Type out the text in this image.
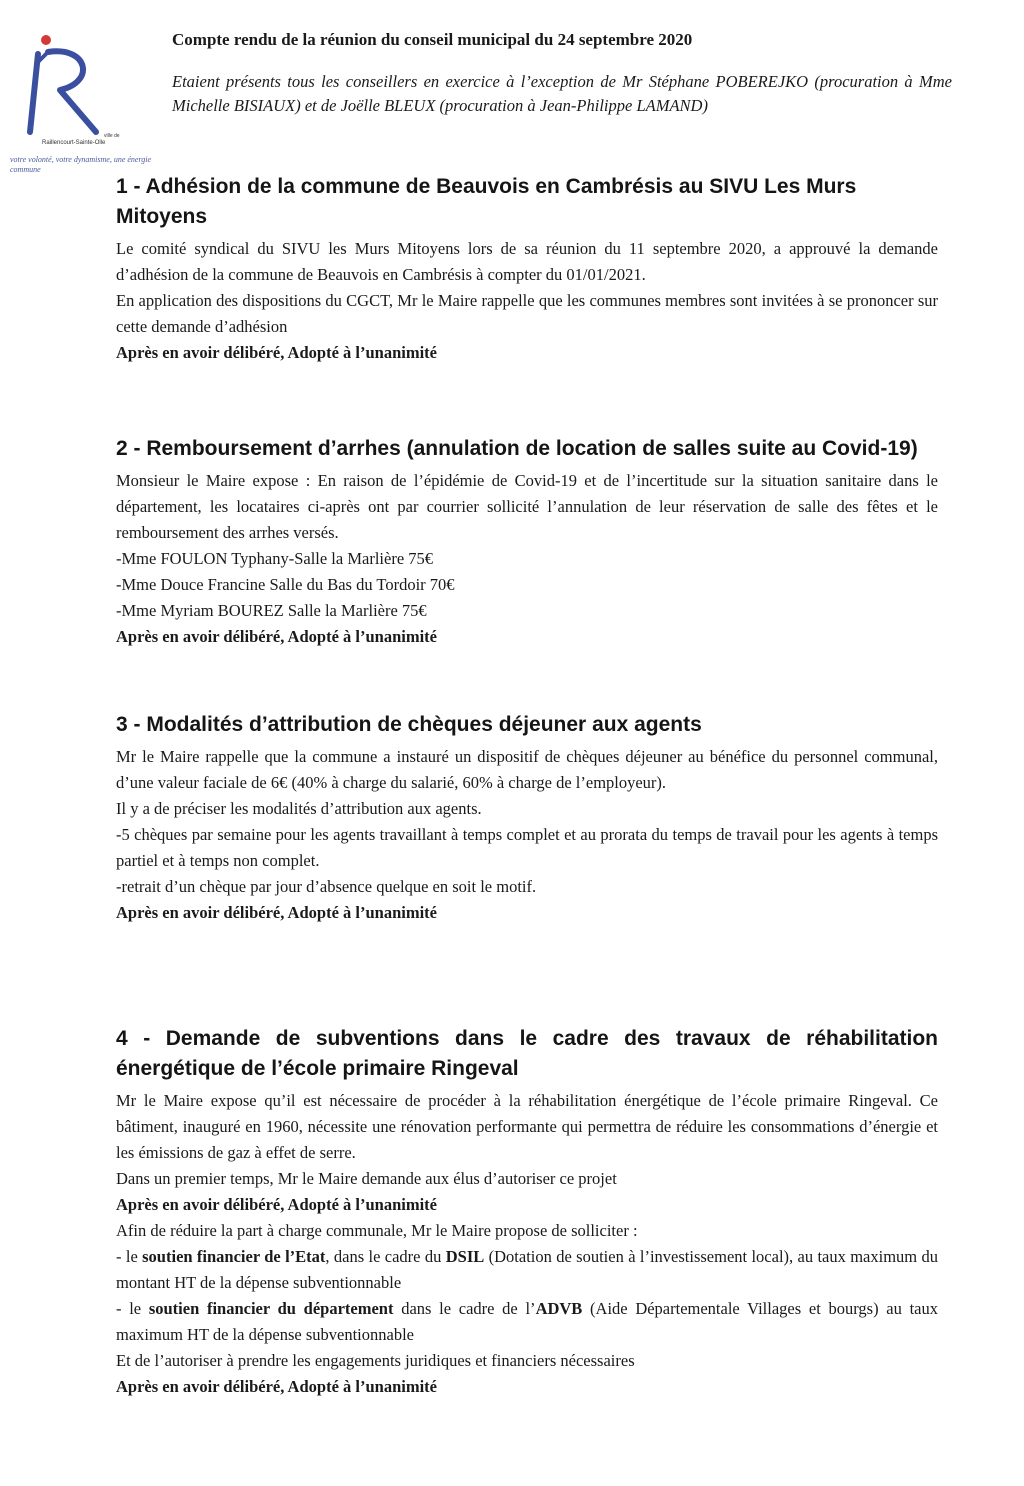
ville de
Raillencourt-Sainte-Olle
votre volonté, votre dynamisme, une énergie commune

Compte rendu de la réunion du conseil municipal du 24 septembre 2020

Etaient présents tous les conseillers en exercice à l’exception de Mr Stéphane POBEREJKO (procuration à Mme Michelle BISIAUX) et de Joëlle BLEUX (procuration à Jean-Philippe LAMAND)

1 - Adhésion de la commune de Beauvois en Cambrésis au SIVU Les Murs Mitoyens

Le comité syndical du SIVU les Murs Mitoyens lors de sa réunion du 11 septembre 2020, a approuvé la demande d’adhésion de la commune de Beauvois en Cambrésis à compter du 01/01/2021.

En application des dispositions du CGCT, Mr le Maire rappelle que les communes membres sont invitées à se prononcer sur cette demande d’adhésion

Après en avoir délibéré, Adopté à l’unanimité

2 - Remboursement d’arrhes (annulation de location de salles suite au Covid-19)

Monsieur le Maire expose : En raison de l’épidémie de Covid-19 et de l’incertitude sur la situation sanitaire dans le département, les locataires ci-après ont par courrier sollicité l’annulation de leur réservation de salle des fêtes et le remboursement des arrhes versés.

-Mme FOULON Typhany-Salle la Marlière 75€

-Mme Douce Francine Salle du Bas du Tordoir 70€

-Mme Myriam BOUREZ Salle la Marlière 75€

Après en avoir délibéré, Adopté à l’unanimité

3 - Modalités d’attribution de chèques déjeuner aux agents

Mr le Maire rappelle que la commune a instauré un dispositif de chèques déjeuner au bénéfice du personnel communal, d’une valeur faciale de 6€ (40% à charge du salarié, 60% à charge de l’employeur).

Il y a de préciser les modalités d’attribution aux agents.

-5 chèques par semaine pour les agents travaillant à temps complet et au prorata du temps de travail pour les agents à temps partiel et à temps non complet.

-retrait d’un chèque par jour d’absence quelque en soit le motif.

Après en avoir délibéré, Adopté à l’unanimité

4 - Demande de subventions dans le cadre des travaux de réhabilitation énergétique de l’école primaire Ringeval

Mr le Maire expose qu’il est nécessaire de procéder à la réhabilitation énergétique de l’école primaire Ringeval. Ce bâtiment, inauguré en 1960, nécessite une rénovation performante qui permettra de réduire les consommations d’énergie et les émissions de gaz à effet de serre.

Dans un premier temps, Mr le Maire demande aux élus d’autoriser ce projet

Après en avoir délibéré, Adopté à l’unanimité

Afin de réduire la part à charge communale, Mr le Maire propose de solliciter :

- le soutien financier de l’Etat, dans le cadre du DSIL (Dotation de soutien à l’investissement local), au taux maximum du montant HT de la dépense subventionnable

- le soutien financier du département dans le cadre de l’ADVB (Aide Départementale Villages et bourgs) au taux maximum HT de la dépense subventionnable

Et de l’autoriser à prendre les engagements juridiques et financiers nécessaires

Après en avoir délibéré, Adopté à l’unanimité
